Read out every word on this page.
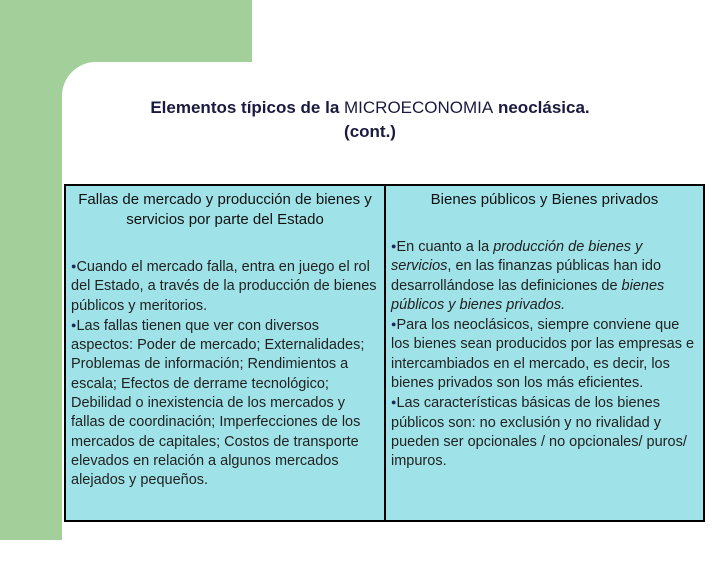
Elementos típicos de la MICROECONOMIA neoclásica.
(cont.)
Fallas de mercado y producción de bienes y servicios por parte del Estado
●Cuando el mercado falla, entra en juego el rol del Estado, a través de la producción de bienes públicos y meritorios.
●Las fallas tienen que ver con diversos aspectos: Poder de mercado; Externalidades; Problemas de información; Rendimientos a escala; Efectos de derrame tecnológico; Debilidad o inexistencia de los mercados y fallas de coordinación; Imperfecciones de los mercados de capitales; Costos de transporte elevados en relación a algunos mercados alejados y pequeños.
Bienes públicos y Bienes privados
●En cuanto a la producción de bienes y servicios, en las finanzas públicas han ido desarrollándose las definiciones de bienes públicos y bienes privados.
●Para los neoclásicos, siempre conviene que los bienes sean producidos por las empresas e intercambiados en el mercado, es decir, los bienes privados son los más eficientes.
●Las características básicas de los bienes públicos son: no exclusión y no rivalidad y pueden ser opcionales / no opcionales/ puros/ impuros.
